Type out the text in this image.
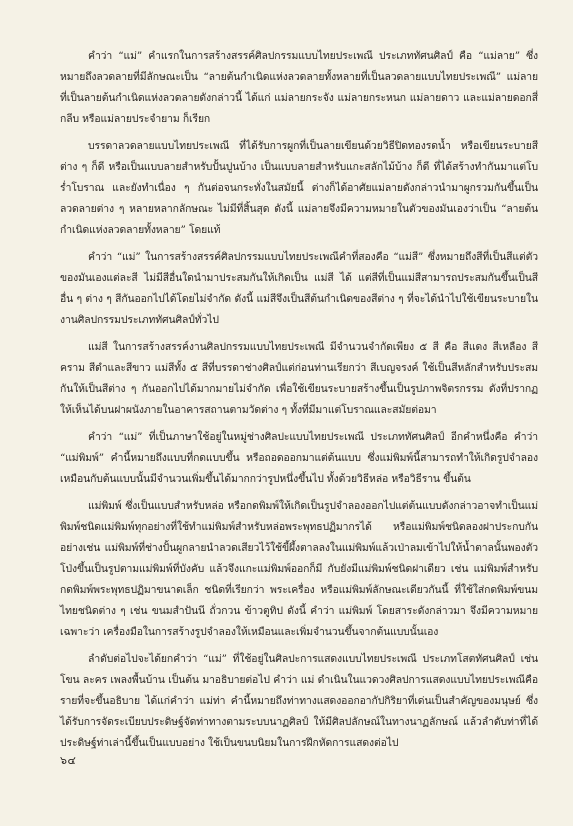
คำว่า “แม่” คำแรกในการสร้างสรรค์ศิลปกรรมแบบไทยประเพณี ประเภททัศนศิลป์ คือ “แม่ลาย” ซึ่งหมายถึงลวดลายที่มีลักษณะเป็น “ลายต้นกำเนิดแห่งลวดลายทั้งหลายที่เป็นลวดลายแบบไทยประเพณี” แม่ลายที่เป็นลายต้นกำเนิดแห่งลวดลายดังกล่าวนี้ ได้แก่ แม่ลายกระจัง แม่ลายกระหนก แม่ลายดาว และแม่ลายดอกสี่กลีบ หรือแม่ลายประจำยาม ก็เรียก

บรรดาลวดลายแบบไทยประเพณี ที่ได้รับการผูกที่เป็นลายเขียนด้วยวิธีปิดทองรดน้ำ หรือเขียนระบายสีต่าง ๆ ก็ดี หรือเป็นแบบลายสำหรับปั้นปูนบ้าง เป็นแบบลายสำหรับแกะสลักไม้บ้าง ก็ดี ที่ได้สร้างทำกันมาแต่โบร่ำโบราณ และยังทำเนื่อง ๆ กันต่อจนกระทั่งในสมัยนี้ ต่างก็ได้อาศัยแม่ลายดังกล่าวนำมาผูกรวมกันขึ้นเป็นลวดลายต่าง ๆ หลายหลากลักษณะ ไม่มีที่สิ้นสุด ดังนี้ แม่ลายจึงมีความหมายในตัวของมันเองว่าเป็น “ลายต้นกำเนิดแห่งลวดลายทั้งหลาย” โดยแท้

คำว่า “แม่” ในการสร้างสรรค์ศิลปกรรมแบบไทยประเพณีคำที่สองคือ “แม่สี” ซึ่งหมายถึงสีที่เป็นสีแต่ตัวของมันเองแต่ละสี ไม่มีสีอื่นใดนำมาประสมกันให้เกิดเป็น แม่สี ได้ แต่สีที่เป็นแม่สีสามารถประสมกันขึ้นเป็นสีอื่น ๆ ต่าง ๆ สีกันออกไปได้โดยไม่จำกัด ดังนี้ แม่สีจึงเป็นสีต้นกำเนิดของสีต่าง ๆ ที่จะได้นำไปใช้เขียนระบายในงานศิลปกรรมประเภททัศนศิลป์ทั่วไป

แม่สี ในการสร้างสรรค์งานศิลปกรรมแบบไทยประเพณี มีจำนวนจำกัดเพียง ๕ สี คือ สีแดง สีเหลือง สีคราม สีดำและสีขาว แม่สีทั้ง ๕ สีที่บรรดาช่างศิลป์แต่ก่อนท่านเรียกว่า สีเบญจรงค์ ใช้เป็นสีหลักสำหรับประสมกันให้เป็นสีต่าง ๆ กันออกไปได้มากมายไม่จำกัด เพื่อใช้เขียนระบายสร้างขึ้นเป็นรูปภาพจิตรกรรม ดังที่ปรากฏให้เห็นได้บนฝาผนังภายในอาคารสถานตามวัดต่าง ๆ ทั้งที่มีมาแต่โบราณและสมัยต่อมา

คำว่า “แม่” ที่เป็นภาษาใช้อยู่ในหมู่ช่างศิลปะแบบไทยประเพณี ประเภททัศนศิลป์ อีกคำหนึ่งคือ คำว่า “แม่พิมพ์” คำนี้หมายถึงแบบที่กดแบบขึ้น หรือถอดออกมาแต่ต้นแบบ ซึ่งแม่พิมพ์นี้สามารถทำให้เกิดรูปจำลองเหมือนกับต้นแบบนั้นมีจำนวนเพิ่มขึ้นได้มากกว่ารูปหนึ่งขึ้นไป ทั้งด้วยวิธีหล่อ หรือวิธีราน ขึ้นต้น

แม่พิมพ์ ซึ่งเป็นแบบสำหรับหล่อ หรือกดพิมพ์ให้เกิดเป็นรูปจำลองออกไปแต่ต้นแบบดังกล่าวอาจทำเป็นแม่พิมพ์ชนิดแม่พิมพ์ทุกอย่างที่ใช้ทำแม่พิมพ์สำหรับหล่อพระพุทธปฏิมากรได้ หรือแม่พิมพ์ชนิดลองฝาประกบกัน อย่างเช่น แม่พิมพ์ที่ช่างปั้นผูกลายนำลวดเสียวไว้ใช้ขี้ผึ้งตาลลงในแม่พิมพ์แล้วเป่าลมเข้าไปให้น้ำตาลนั้นพองตัวโป่งขึ้นเป็นรูปตามแม่พิมพ์ที่บังคับ แล้วจึงแกะแม่พิมพ์ออกก็มี กับยังมีแม่พิมพ์ชนิดฝาเดียว เช่น แม่พิมพ์สำหรับกดพิมพ์พระพุทธปฏิมาขนาดเล็ก ชนิดที่เรียกว่า พระเครื่อง หรือแม่พิมพ์ลักษณะเดียวกันนี้ ที่ใช้ใส่กดพิมพ์ขนมไทยชนิดต่าง ๆ เช่น ขนมสำปันนี ถั่วกวน ข้าวตูทิป ดังนี้ คำว่า แม่พิมพ์ โดยสาระดังกล่าวมา จึงมีความหมายเฉพาะว่า เครื่องมือในการสร้างรูปจำลองให้เหมือนและเพิ่มจำนวนขึ้นจากต้นแบบนั้นเอง

ลำดับต่อไปจะได้ยกคำว่า “แม่” ที่ใช้อยู่ในศิลปะการแสดงแบบไทยประเพณี ประเภทโสตทัศนศิลป์ เช่น โขน ละคร เพลงพื้นบ้าน เป็นต้น มาอธิบายต่อไป คำว่า แม่ ดำเนินในแวดวงศิลปการแสดงแบบไทยประเพณีคือรายที่จะขึ้นอธิบาย ได้แก่คำว่า แม่ท่า คำนี้หมายถึงท่าทางแสดงออกอากัปกิริยาที่เด่นเป็นสำคัญของมนุษย์ ซึ่งได้รับการจัดระเบียบประดิษฐ์จัดท่าทางตามระบบนาฏศิลป์ ให้มีศิลปลักษณ์ในทางนาฏลักษณ์ แล้วลำดับท่าที่ได้ประดิษฐ์ท่าเล่านี้ขึ้นเป็นแบบอย่าง ใช้เป็นขนบนิยมในการฝึกหัดการแสดงต่อไป

๖๔
